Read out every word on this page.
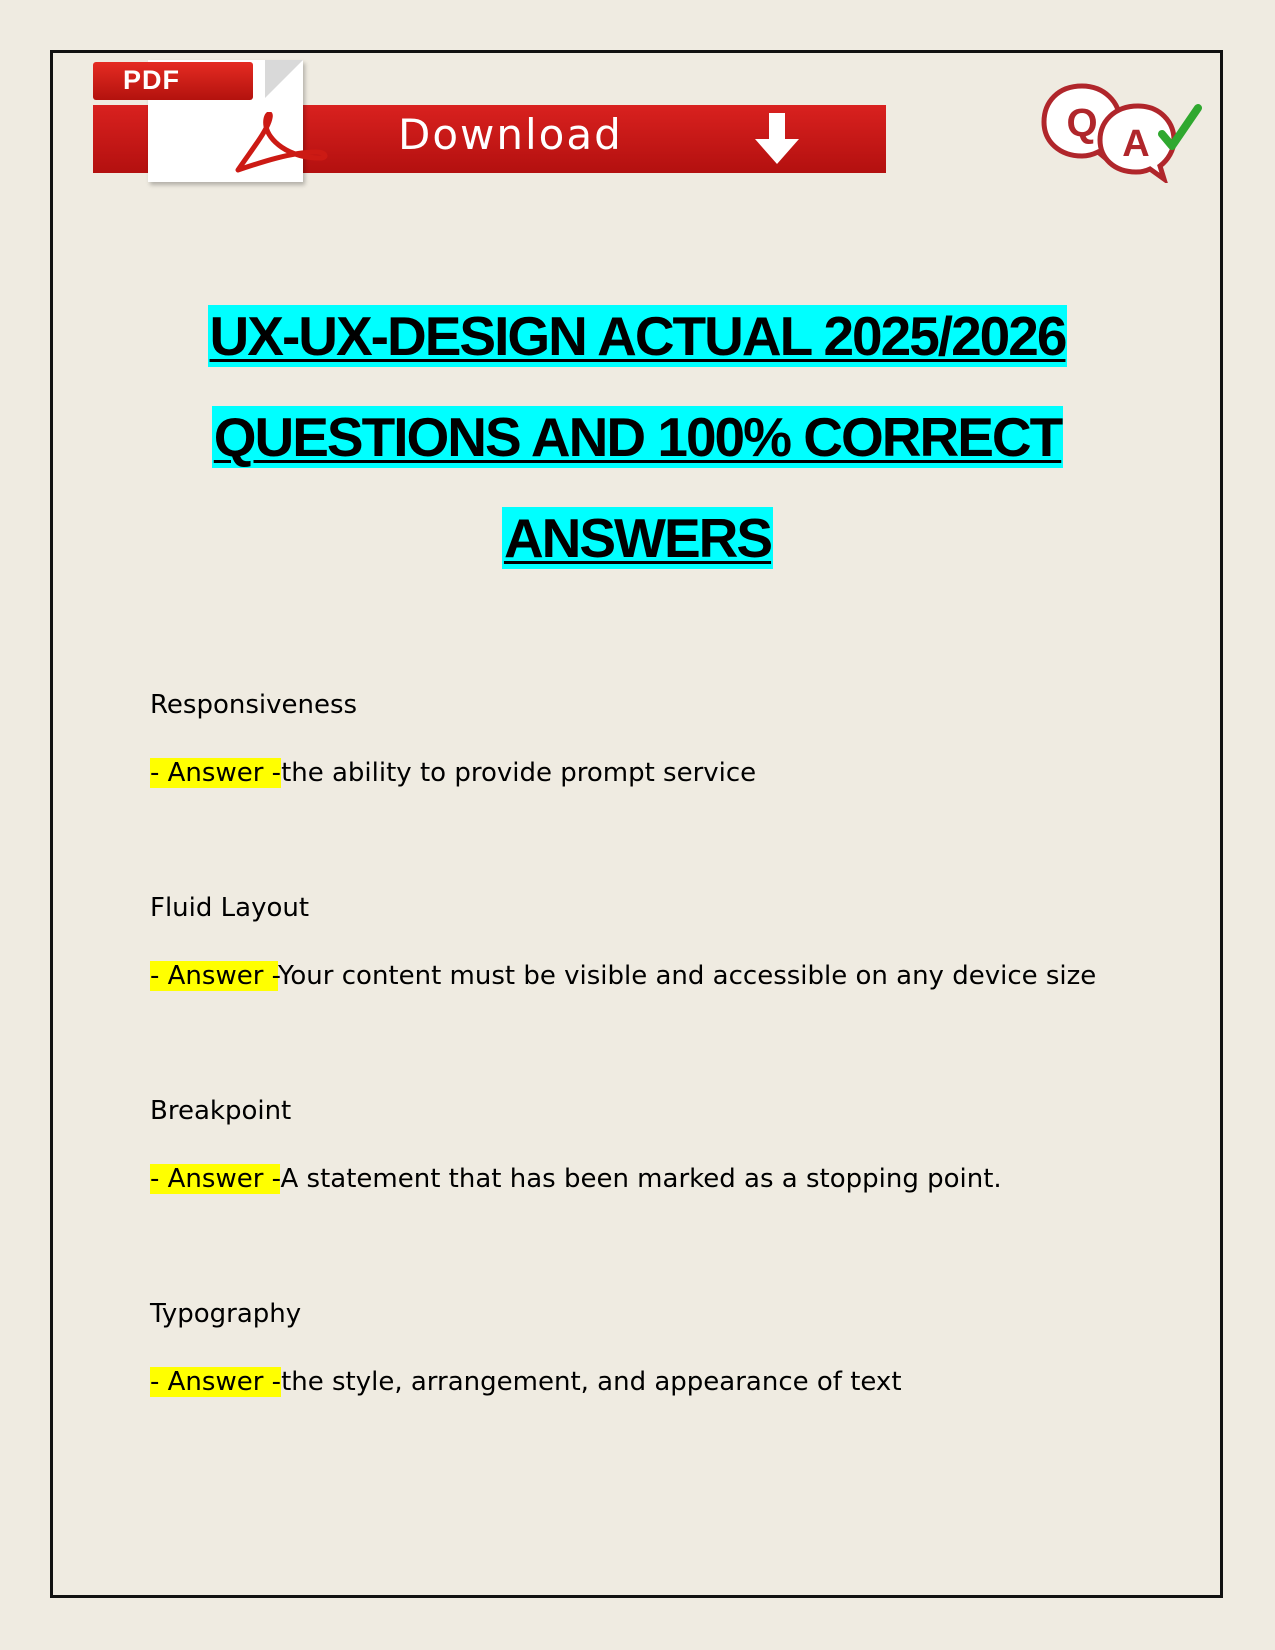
PDF
Download	Q A
UX-UX-DESIGN ACTUAL 2025/2026
QUESTIONS AND 100% CORRECT
ANSWERS
Responsiveness
- Answer -the ability to provide prompt service
Fluid Layout
- Answer -Your content must be visible and accessible on any device size
Breakpoint
- Answer -A statement that has been marked as a stopping point.
Typography
- Answer -the style, arrangement, and appearance of text
